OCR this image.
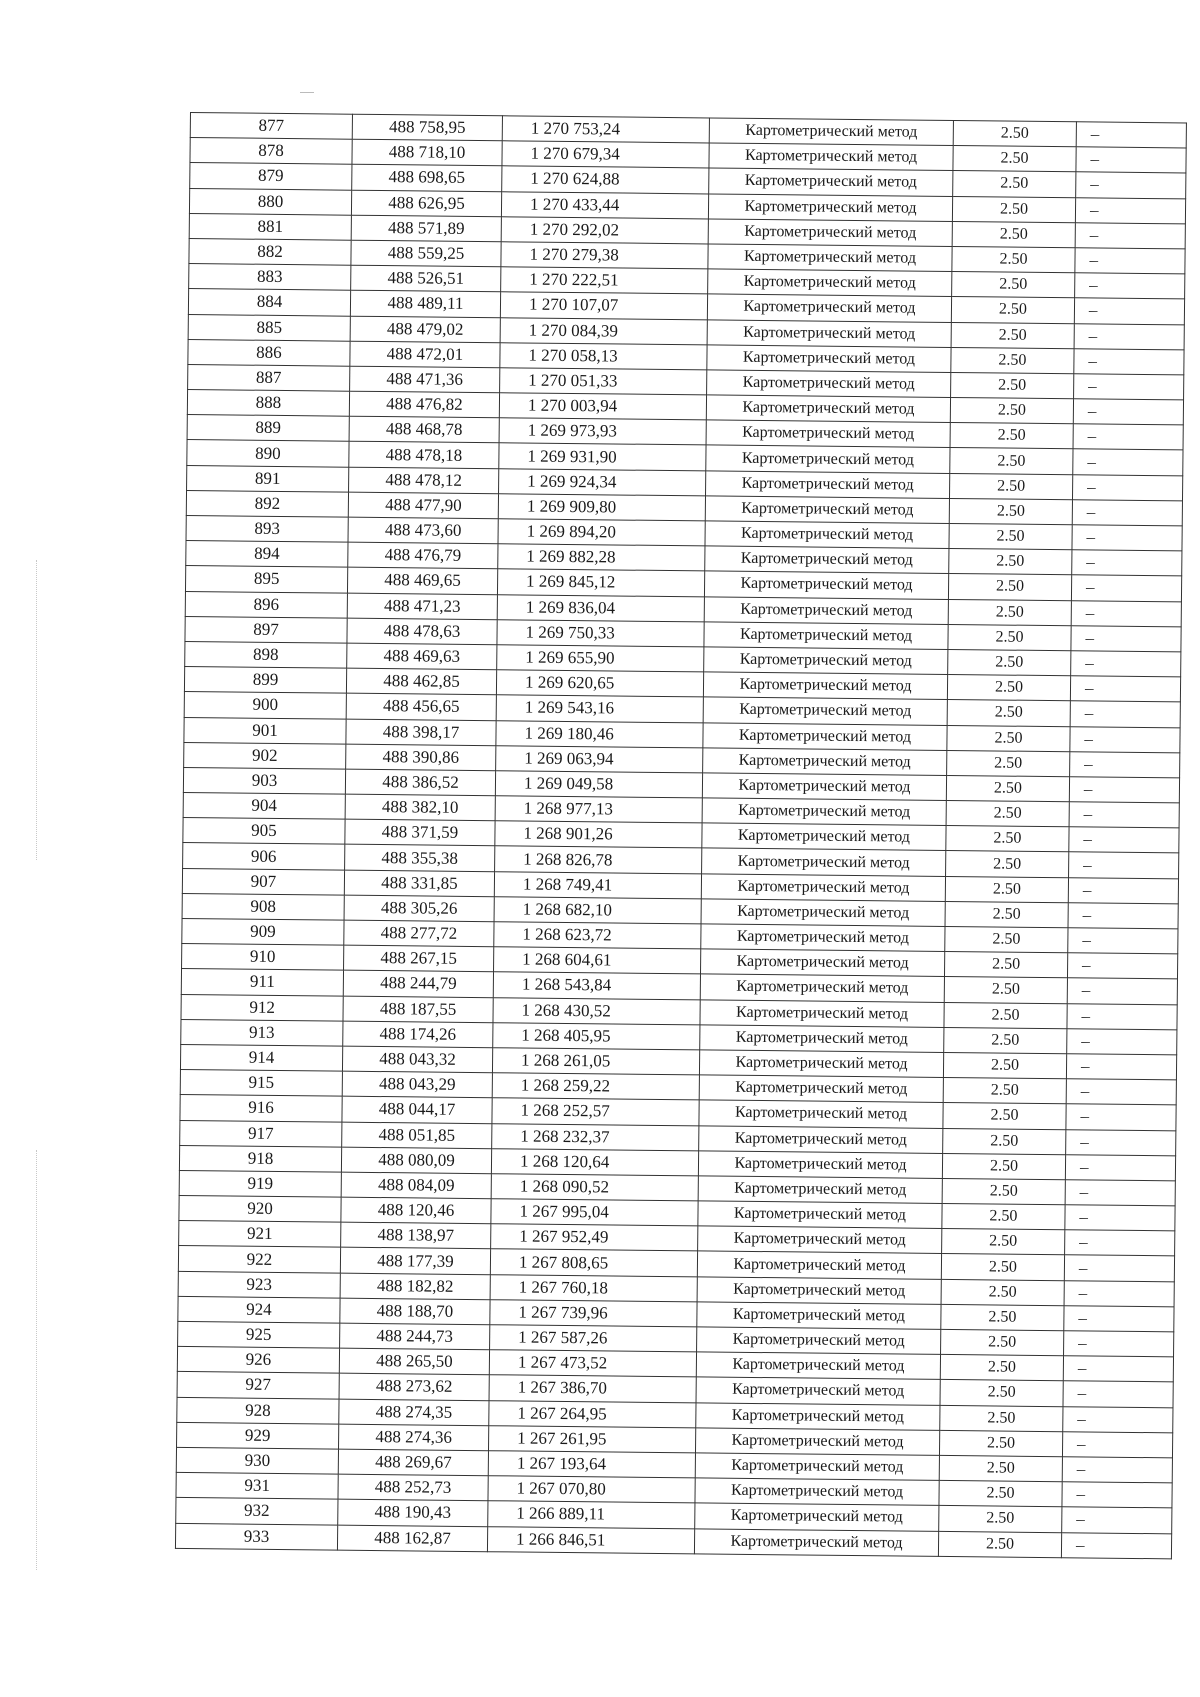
877	488 758,95	1 270 753,24	Картометрический метод	2.50	–
878	488 718,10	1 270 679,34	Картометрический метод	2.50	–
879	488 698,65	1 270 624,88	Картометрический метод	2.50	–
880	488 626,95	1 270 433,44	Картометрический метод	2.50	–
881	488 571,89	1 270 292,02	Картометрический метод	2.50	–
882	488 559,25	1 270 279,38	Картометрический метод	2.50	–
883	488 526,51	1 270 222,51	Картометрический метод	2.50	–
884	488 489,11	1 270 107,07	Картометрический метод	2.50	–
885	488 479,02	1 270 084,39	Картометрический метод	2.50	–
886	488 472,01	1 270 058,13	Картометрический метод	2.50	–
887	488 471,36	1 270 051,33	Картометрический метод	2.50	–
888	488 476,82	1 270 003,94	Картометрический метод	2.50	–
889	488 468,78	1 269 973,93	Картометрический метод	2.50	–
890	488 478,18	1 269 931,90	Картометрический метод	2.50	–
891	488 478,12	1 269 924,34	Картометрический метод	2.50	–
892	488 477,90	1 269 909,80	Картометрический метод	2.50	–
893	488 473,60	1 269 894,20	Картометрический метод	2.50	–
894	488 476,79	1 269 882,28	Картометрический метод	2.50	–
895	488 469,65	1 269 845,12	Картометрический метод	2.50	–
896	488 471,23	1 269 836,04	Картометрический метод	2.50	–
897	488 478,63	1 269 750,33	Картометрический метод	2.50	–
898	488 469,63	1 269 655,90	Картометрический метод	2.50	–
899	488 462,85	1 269 620,65	Картометрический метод	2.50	–
900	488 456,65	1 269 543,16	Картометрический метод	2.50	–
901	488 398,17	1 269 180,46	Картометрический метод	2.50	–
902	488 390,86	1 269 063,94	Картометрический метод	2.50	–
903	488 386,52	1 269 049,58	Картометрический метод	2.50	–
904	488 382,10	1 268 977,13	Картометрический метод	2.50	–
905	488 371,59	1 268 901,26	Картометрический метод	2.50	–
906	488 355,38	1 268 826,78	Картометрический метод	2.50	–
907	488 331,85	1 268 749,41	Картометрический метод	2.50	–
908	488 305,26	1 268 682,10	Картометрический метод	2.50	–
909	488 277,72	1 268 623,72	Картометрический метод	2.50	–
910	488 267,15	1 268 604,61	Картометрический метод	2.50	–
911	488 244,79	1 268 543,84	Картометрический метод	2.50	–
912	488 187,55	1 268 430,52	Картометрический метод	2.50	–
913	488 174,26	1 268 405,95	Картометрический метод	2.50	–
914	488 043,32	1 268 261,05	Картометрический метод	2.50	–
915	488 043,29	1 268 259,22	Картометрический метод	2.50	–
916	488 044,17	1 268 252,57	Картометрический метод	2.50	–
917	488 051,85	1 268 232,37	Картометрический метод	2.50	–
918	488 080,09	1 268 120,64	Картометрический метод	2.50	–
919	488 084,09	1 268 090,52	Картометрический метод	2.50	–
920	488 120,46	1 267 995,04	Картометрический метод	2.50	–
921	488 138,97	1 267 952,49	Картометрический метод	2.50	–
922	488 177,39	1 267 808,65	Картометрический метод	2.50	–
923	488 182,82	1 267 760,18	Картометрический метод	2.50	–
924	488 188,70	1 267 739,96	Картометрический метод	2.50	–
925	488 244,73	1 267 587,26	Картометрический метод	2.50	–
926	488 265,50	1 267 473,52	Картометрический метод	2.50	–
927	488 273,62	1 267 386,70	Картометрический метод	2.50	–
928	488 274,35	1 267 264,95	Картометрический метод	2.50	–
929	488 274,36	1 267 261,95	Картометрический метод	2.50	–
930	488 269,67	1 267 193,64	Картометрический метод	2.50	–
931	488 252,73	1 267 070,80	Картометрический метод	2.50	–
932	488 190,43	1 266 889,11	Картометрический метод	2.50	–
933	488 162,87	1 266 846,51	Картометрический метод	2.50	–
